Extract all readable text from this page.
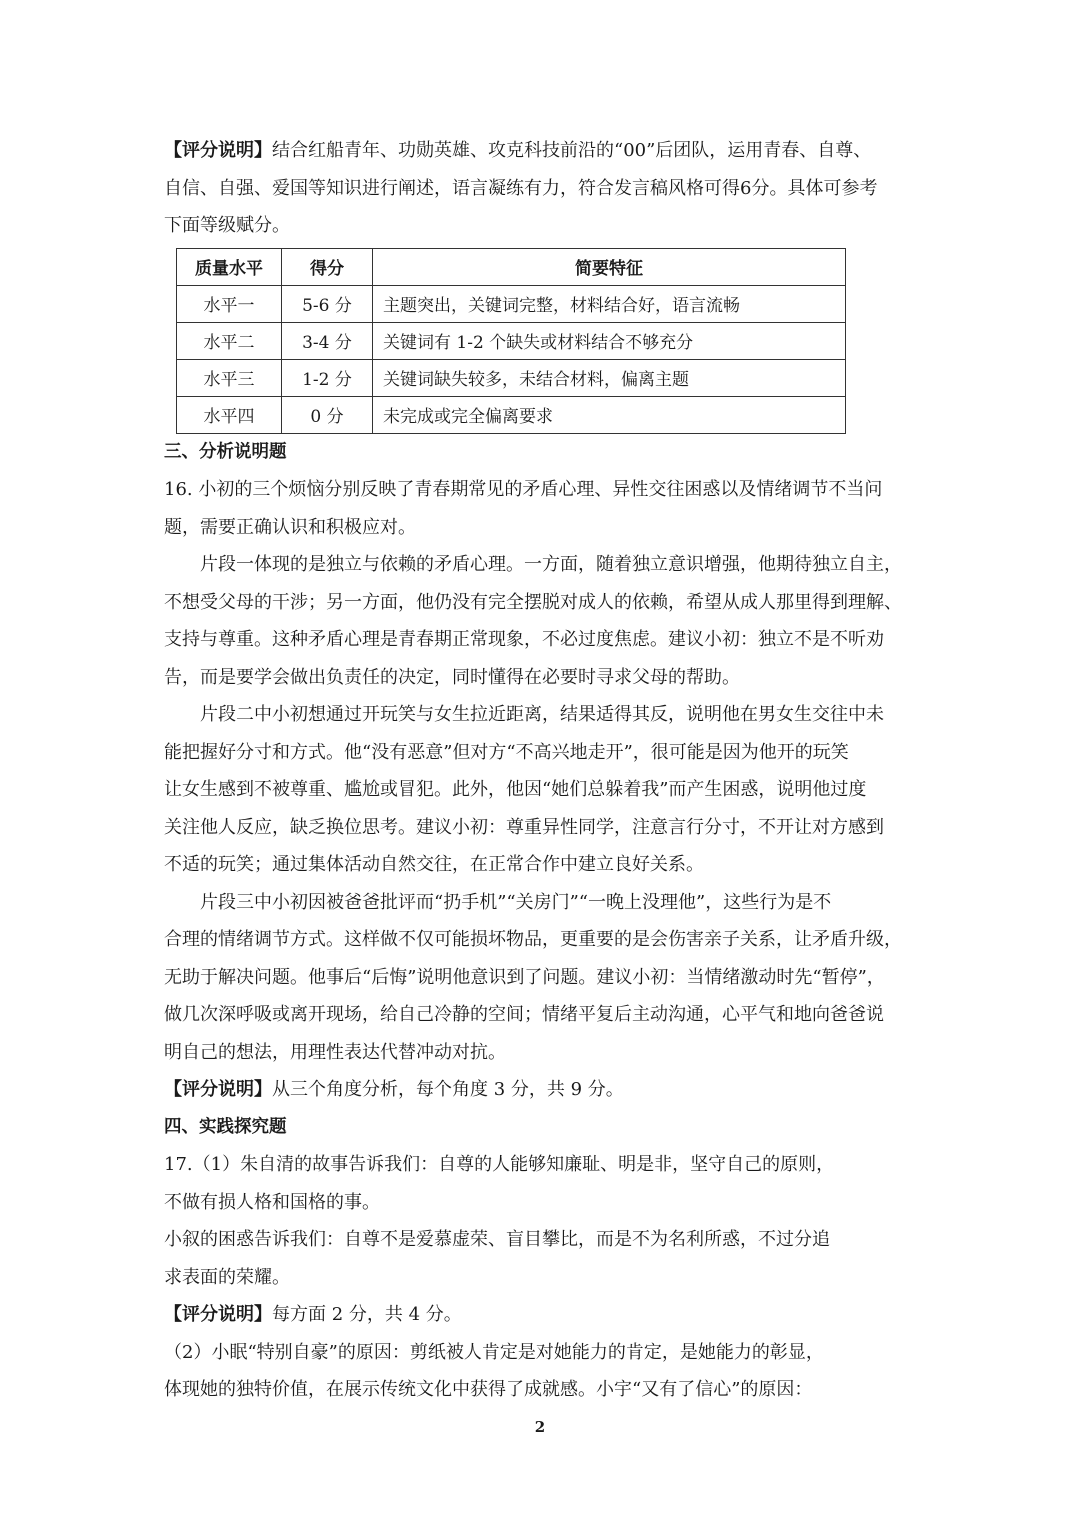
【评分说明】结合红船青年、功勋英雄、攻克科技前沿的“00”后团队，运用青春、自尊、

自信、自强、爱国等知识进行阐述，语言凝练有力，符合发言稿风格可得6分。具体可参考

下面等级赋分。

质量水平	得分	简要特征
水平一	5-6 分	主题突出，关键词完整，材料结合好，语言流畅
水平二	3-4 分	关键词有 1-2 个缺失或材料结合不够充分
水平三	1-2 分	关键词缺失较多，未结合材料，偏离主题
水平四	0 分	未完成或完全偏离要求

三、分析说明题

16. 小初的三个烦恼分别反映了青春期常见的矛盾心理、异性交往困惑以及情绪调节不当问

题，需要正确认识和积极应对。

片段一体现的是独立与依赖的矛盾心理。一方面，随着独立意识增强，他期待独立自主，

不想受父母的干涉；另一方面，他仍没有完全摆脱对成人的依赖，希望从成人那里得到理解、

支持与尊重。这种矛盾心理是青春期正常现象，不必过度焦虑。建议小初：独立不是不听劝

告，而是要学会做出负责任的决定，同时懂得在必要时寻求父母的帮助。

片段二中小初想通过开玩笑与女生拉近距离，结果适得其反，说明他在男女生交往中未

能把握好分寸和方式。他“没有恶意”但对方“不高兴地走开”，很可能是因为他开的玩笑

让女生感到不被尊重、尴尬或冒犯。此外，他因“她们总躲着我”而产生困惑，说明他过度

关注他人反应，缺乏换位思考。建议小初：尊重异性同学，注意言行分寸，不开让对方感到

不适的玩笑；通过集体活动自然交往，在正常合作中建立良好关系。

片段三中小初因被爸爸批评而“扔手机”“关房门”“一晚上没理他”，这些行为是不

合理的情绪调节方式。这样做不仅可能损坏物品，更重要的是会伤害亲子关系，让矛盾升级，

无助于解决问题。他事后“后悔”说明他意识到了问题。建议小初：当情绪激动时先“暂停”，

做几次深呼吸或离开现场，给自己冷静的空间；情绪平复后主动沟通，心平气和地向爸爸说

明自己的想法，用理性表达代替冲动对抗。

【评分说明】从三个角度分析，每个角度 3 分，共 9 分。

四、实践探究题

17.（1）朱自清的故事告诉我们：自尊的人能够知廉耻、明是非，坚守自己的原则，

不做有损人格和国格的事。

小叙的困惑告诉我们：自尊不是爱慕虚荣、盲目攀比，而是不为名利所惑，不过分追

求表面的荣耀。

【评分说明】每方面 2 分，共 4 分。

（2）小眠“特别自豪”的原因：剪纸被人肯定是对她能力的肯定，是她能力的彰显，

体现她的独特价值，在展示传统文化中获得了成就感。小宇“又有了信心”的原因：

2
